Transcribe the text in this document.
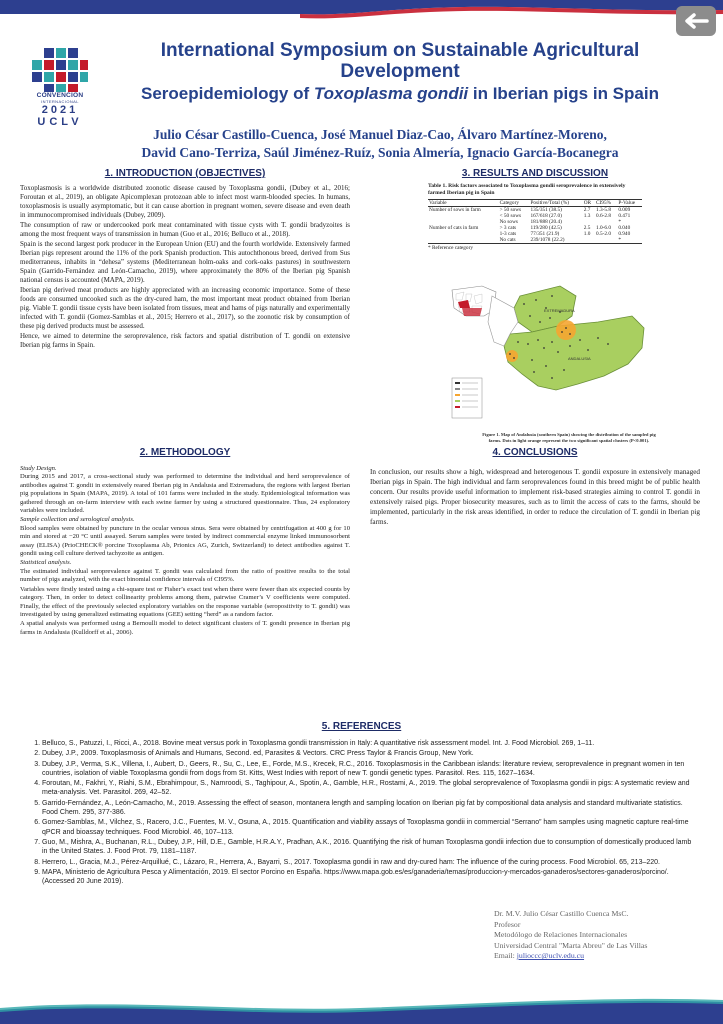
CONVENCION
INTERNACIONAL
2021
UCLV
International Symposium on Sustainable Agricultural Development
Seroepidemiology of Toxoplasma gondii in Iberian pigs in Spain
Julio César Castillo-Cuenca, José Manuel Diaz-Cao, Álvaro Martínez-Moreno,
David Cano-Terriza, Saúl Jiménez-Ruíz, Sonia Almería, Ignacio García-Bocanegra
1. INTRODUCTION (OBJECTIVES)

Toxoplasmosis is a worldwide distributed zoonotic disease caused by Toxoplasma gondii, (Dubey et al., 2016; Foroutan et al., 2019), an obligate Apicomplexan protozoan able to infect most warm-blooded species. In humans, toxoplasmosis is usually asymptomatic, but it can cause abortion in pregnant women, severe disease and even death in immunocompromised individuals (Dubey, 2009).

The consumption of raw or undercooked pork meat contaminated with tissue cysts with T. gondii bradyzoites is among the most frequent ways of transmission in human (Guo et al., 2016; Belluco et al., 2018).

Spain is the second largest pork producer in the European Union (EU) and the fourth worldwide. Extensively farmed Iberian pigs represent around the 11% of the pork Spanish production. This autochthonous breed, derived from Sus mediterraneus, inhabits in “dehesa” systems (Mediterranean holm-oaks and cork-oaks pastures) in southwestern Spain (Garrido-Fernández and León-Camacho, 2019), where approximately the 80% of the Iberian pig Spanish national census is accounted (MAPA, 2019).

Iberian pig derived meat products are highly appreciated with an increasing economic importance. Some of these foods are consumed uncooked such as the dry-cured ham, the most important meat product obtained from Iberian pig. Viable T. gondii tissue cysts have been isolated from tissues, meat and hams of pigs naturally and experimentally infected with T. gondii (Gomez-Samblas et al., 2015; Herrero et al., 2017), so the zoonotic risk by consumption of these pig derived products must be assessed.

Hence, we aimed to determine the seroprevalence, risk factors and spatial distribution of T. gondii on extensive Iberian pig farms in Spain.

2. METHODOLOGY
Study Design.

During 2015 and 2017, a cross-sectional study was performed to determine the individual and herd seroprevalence of antibodies against T. gondii in extensively reared Iberian pig in Andalusia and Extremadura, the regions with largest Iberian pig populations in Spain (MAPA, 2019). A total of 101 farms were included in the study. Epidemiological information was gathered through an on-farm interview with each swine farmer by using a structured questionnaire. Thus, 24 exploratory variables were included.

Sample collection and serological analysis.

Blood samples were obtained by puncture in the ocular venous sinus. Sera were obtained by centrifugation at 400 g for 10 min and stored at −20 °C until assayed. Serum samples were tested by indirect commercial enzyme linked immunosorbent assay (ELISA) (PrioCHECK® porcine Toxoplasma Ab, Prionics AG, Zurich, Switzerland) to detect antibodies against T. gondii using cell culture derived tachyzoite as antigen.

Statistical analysis.

The estimated individual seroprevalence against T. gondii was calculated from the ratio of positive results to the total number of pigs analyzed, with the exact binomial confidence intervals of CI95%.

Variables were firstly tested using a chi-square test or Fisher’s exact test when there were fewer than six expected counts by category. Then, in order to detect collinearity problems among them, pairwise Cramer’s V coefficients were computed. Finally, the effect of the previously selected exploratory variables on the response variable (seropositivity to T. gondii) was investigated by using generalized estimating equations (GEE) setting “herd” as a random factor.

A spatial analysis was performed using a Bernoulli model to detect significant clusters of T. gondii presence in Iberian pig farms in Andalusia (Kulldorff et al., 2006).

3. RESULTS AND DISCUSSION
Table 1. Risk factors associated to Toxoplasma gondii seroprevalence in extensively farmed Iberian pig in Spain
Variable	Category	Positive/Total (%)	OR	CI95%	P-Value
Number of sows in farm	> 50 sows	135/351 (38.5)	2.7	1.3-5.8	0.009
	< 50 sows	167/618 (27.0)	1.3	0.6-2.8	0.471
	No sows	181/888 (20.4)			*
Number of cats in farm	> 3 cats	119/280 (42.5)	2.5	1.0-6.0	0.040
	1-3 cats	77/351 (21.9)	1.0	0.5-2.0	0.940
	No cats	239/1078 (22.2)			*
* Reference category
EXTREMADURA
ANDALUSIA
Figure 1. Map of Andalusia (southern Spain) showing the distribution of the sampled pig farms. Dots in light orange represent the two significant spatial clusters (P<0.001).
4. CONCLUSIONS

In conclusion, our results show a high, widespread and heterogenous T. gondii exposure in extensively managed Iberian pigs in Spain. The high individual and farm seroprevalences found in this breed might be of public health concern. Our results provide useful information to implement risk-based strategies aiming to control T. gondii in extensively raised pigs. Proper biosecurity measures, such as to limit the access of cats to the farms, should be implemented, particularly in the risk areas identified, in order to reduce the circulation of T. gondii in Iberian pig farms.

5. REFERENCES
1. Belluco, S., Patuzzi, I., Ricci, A., 2018. Bovine meat versus pork in Toxoplasma gondii transmission in Italy: A quantitative risk assessment model. Int. J. Food Microbiol. 269, 1–11.
2. Dubey, J.P., 2009. Toxoplasmosis of Animals and Humans, Second. ed, Parasites & Vectors. CRC Press Taylor & Francis Group, New York.
3. Dubey, J.P., Verma, S.K., Villena, I., Aubert, D., Geers, R., Su, C., Lee, E., Forde, M.S., Krecek, R.C., 2016. Toxoplasmosis in the Caribbean islands: literature review, seroprevalence in pregnant women in ten countries, isolation of viable Toxoplasma gondii from dogs from St. Kitts, West Indies with report of new T. gondii genetic types. Parasitol. Res. 115, 1627–1634.
4. Foroutan, M., Fakhri, Y., Riahi, S.M., Ebrahimpour, S., Namroodi, S., Taghipour, A., Spotin, A., Gamble, H.R., Rostami, A., 2019. The global seroprevalence of Toxoplasma gondii in pigs: A systematic review and meta-analysis. Vet. Parasitol. 269, 42–52.
5. Garrido-Fernández, A., León-Camacho, M., 2019. Assessing the effect of season, montanera length and sampling location on Iberian pig fat by compositional data analysis and standard multivariate statistics. Food Chem. 295, 377-386.
6. Gomez-Samblas, M., Vilchez, S., Racero, J.C., Fuentes, M. V., Osuna, A., 2015. Quantification and viability assays of Toxoplasma gondii in commercial “Serrano” ham samples using magnetic capture real-time qPCR and bioassay techniques. Food Microbiol. 46, 107–113.
7. Guo, M., Mishra, A., Buchanan, R.L., Dubey, J.P., Hill, D.E., Gamble, H.R.A.Y., Pradhan, A.K., 2016. Quantifying the risk of human Toxoplasma gondii infection due to consumption of domestically produced lamb in the United States. J. Food Prot. 79, 1181–1187.
8. Herrero, L., Gracia, M.J., Pérez-Arquillué, C., Lázaro, R., Herrera, A., Bayarri, S., 2017. Toxoplasma gondii in raw and dry-cured ham: The influence of the curing process. Food Microbiol. 65, 213–220.
9. MAPA, Ministerio de Agricultura Pesca y Alimentación, 2019. El sector Porcino en España. https://www.mapa.gob.es/es/ganaderia/temas/produccion-y-mercados-ganaderos/sectores-ganaderos/porcino/. (Accessed 20 June 2019).
Dr. M.V. Julio César Castillo Cuenca MsC.
Profesor
Metodólogo de Relaciones Internacionales
Universidad Central "Marta Abreu" de Las Villas
Email: julioccc@uclv.edu.cu
